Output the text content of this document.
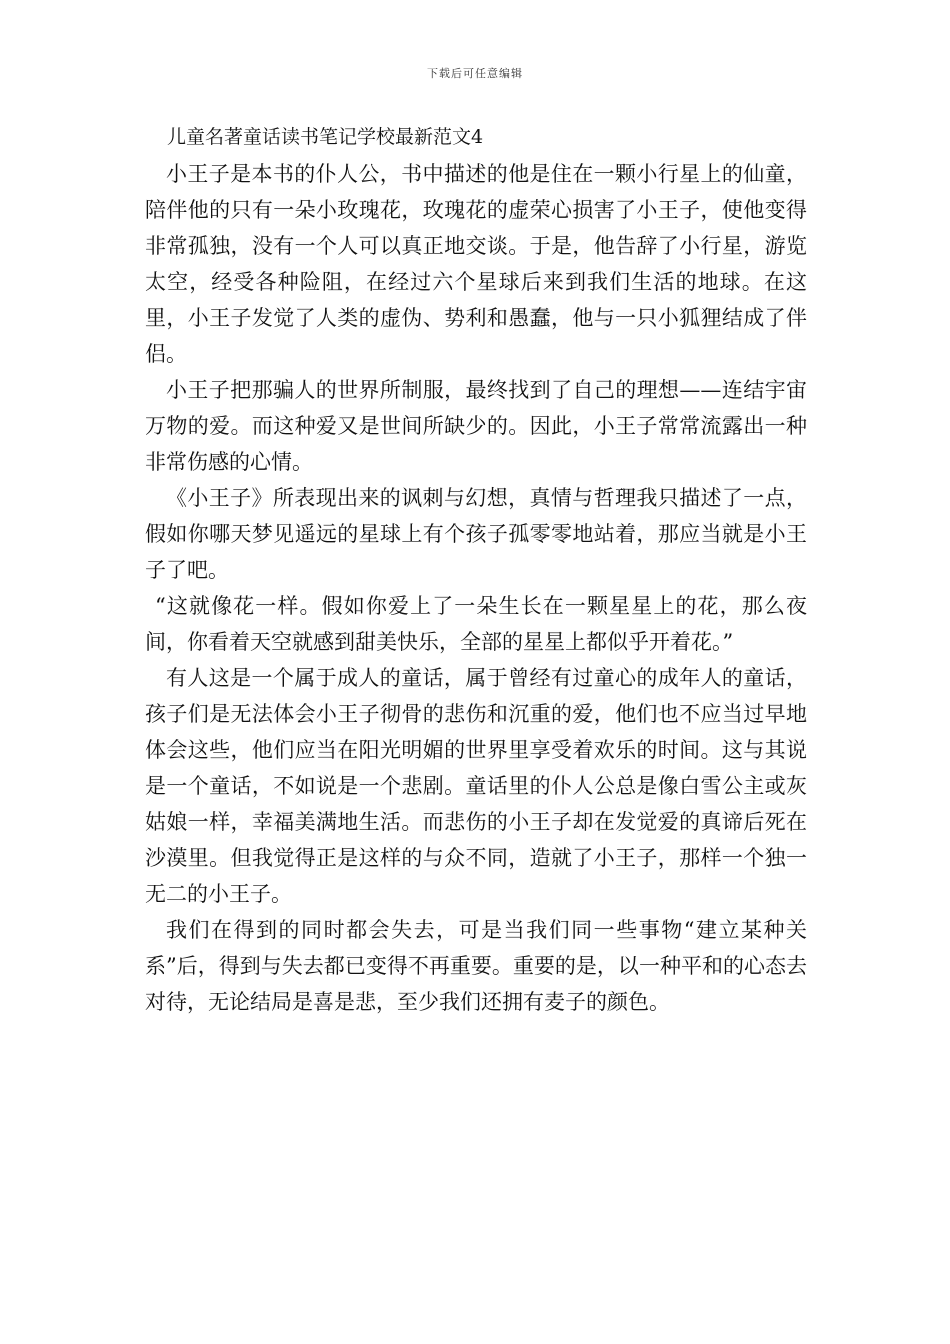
下载后可任意编辑
儿童名著童话读书笔记学校最新范文4

小王子是本书的仆人公，书中描述的他是住在一颗小行星上的仙童，陪伴他的只有一朵小玫瑰花，玫瑰花的虚荣心损害了小王子，使他变得非常孤独，没有一个人可以真正地交谈。于是，他告辞了小行星，游览太空，经受各种险阻，在经过六个星球后来到我们生活的地球。在这里，小王子发觉了人类的虚伪、势利和愚蠢，他与一只小狐狸结成了伴侣。

小王子把那骗人的世界所制服，最终找到了自己的理想——连结宇宙万物的爱。而这种爱又是世间所缺少的。因此，小王子常常流露出一种非常伤感的心情。

《小王子》所表现出来的讽刺与幻想，真情与哲理我只描述了一点，假如你哪天梦见遥远的星球上有个孩子孤零零地站着，那应当就是小王子了吧。

“这就像花一样。假如你爱上了一朵生长在一颗星星上的花，那么夜间，你看着天空就感到甜美快乐，全部的星星上都似乎开着花。”

有人这是一个属于成人的童话，属于曾经有过童心的成年人的童话，孩子们是无法体会小王子彻骨的悲伤和沉重的爱，他们也不应当过早地体会这些，他们应当在阳光明媚的世界里享受着欢乐的时间。这与其说是一个童话，不如说是一个悲剧。童话里的仆人公总是像白雪公主或灰姑娘一样，幸福美满地生活。而悲伤的小王子却在发觉爱的真谛后死在沙漠里。但我觉得正是这样的与众不同，造就了小王子，那样一个独一无二的小王子。

我们在得到的同时都会失去，可是当我们同一些事物“建立某种关系”后，得到与失去都已变得不再重要。重要的是，以一种平和的心态去对待，无论结局是喜是悲，至少我们还拥有麦子的颜色。
